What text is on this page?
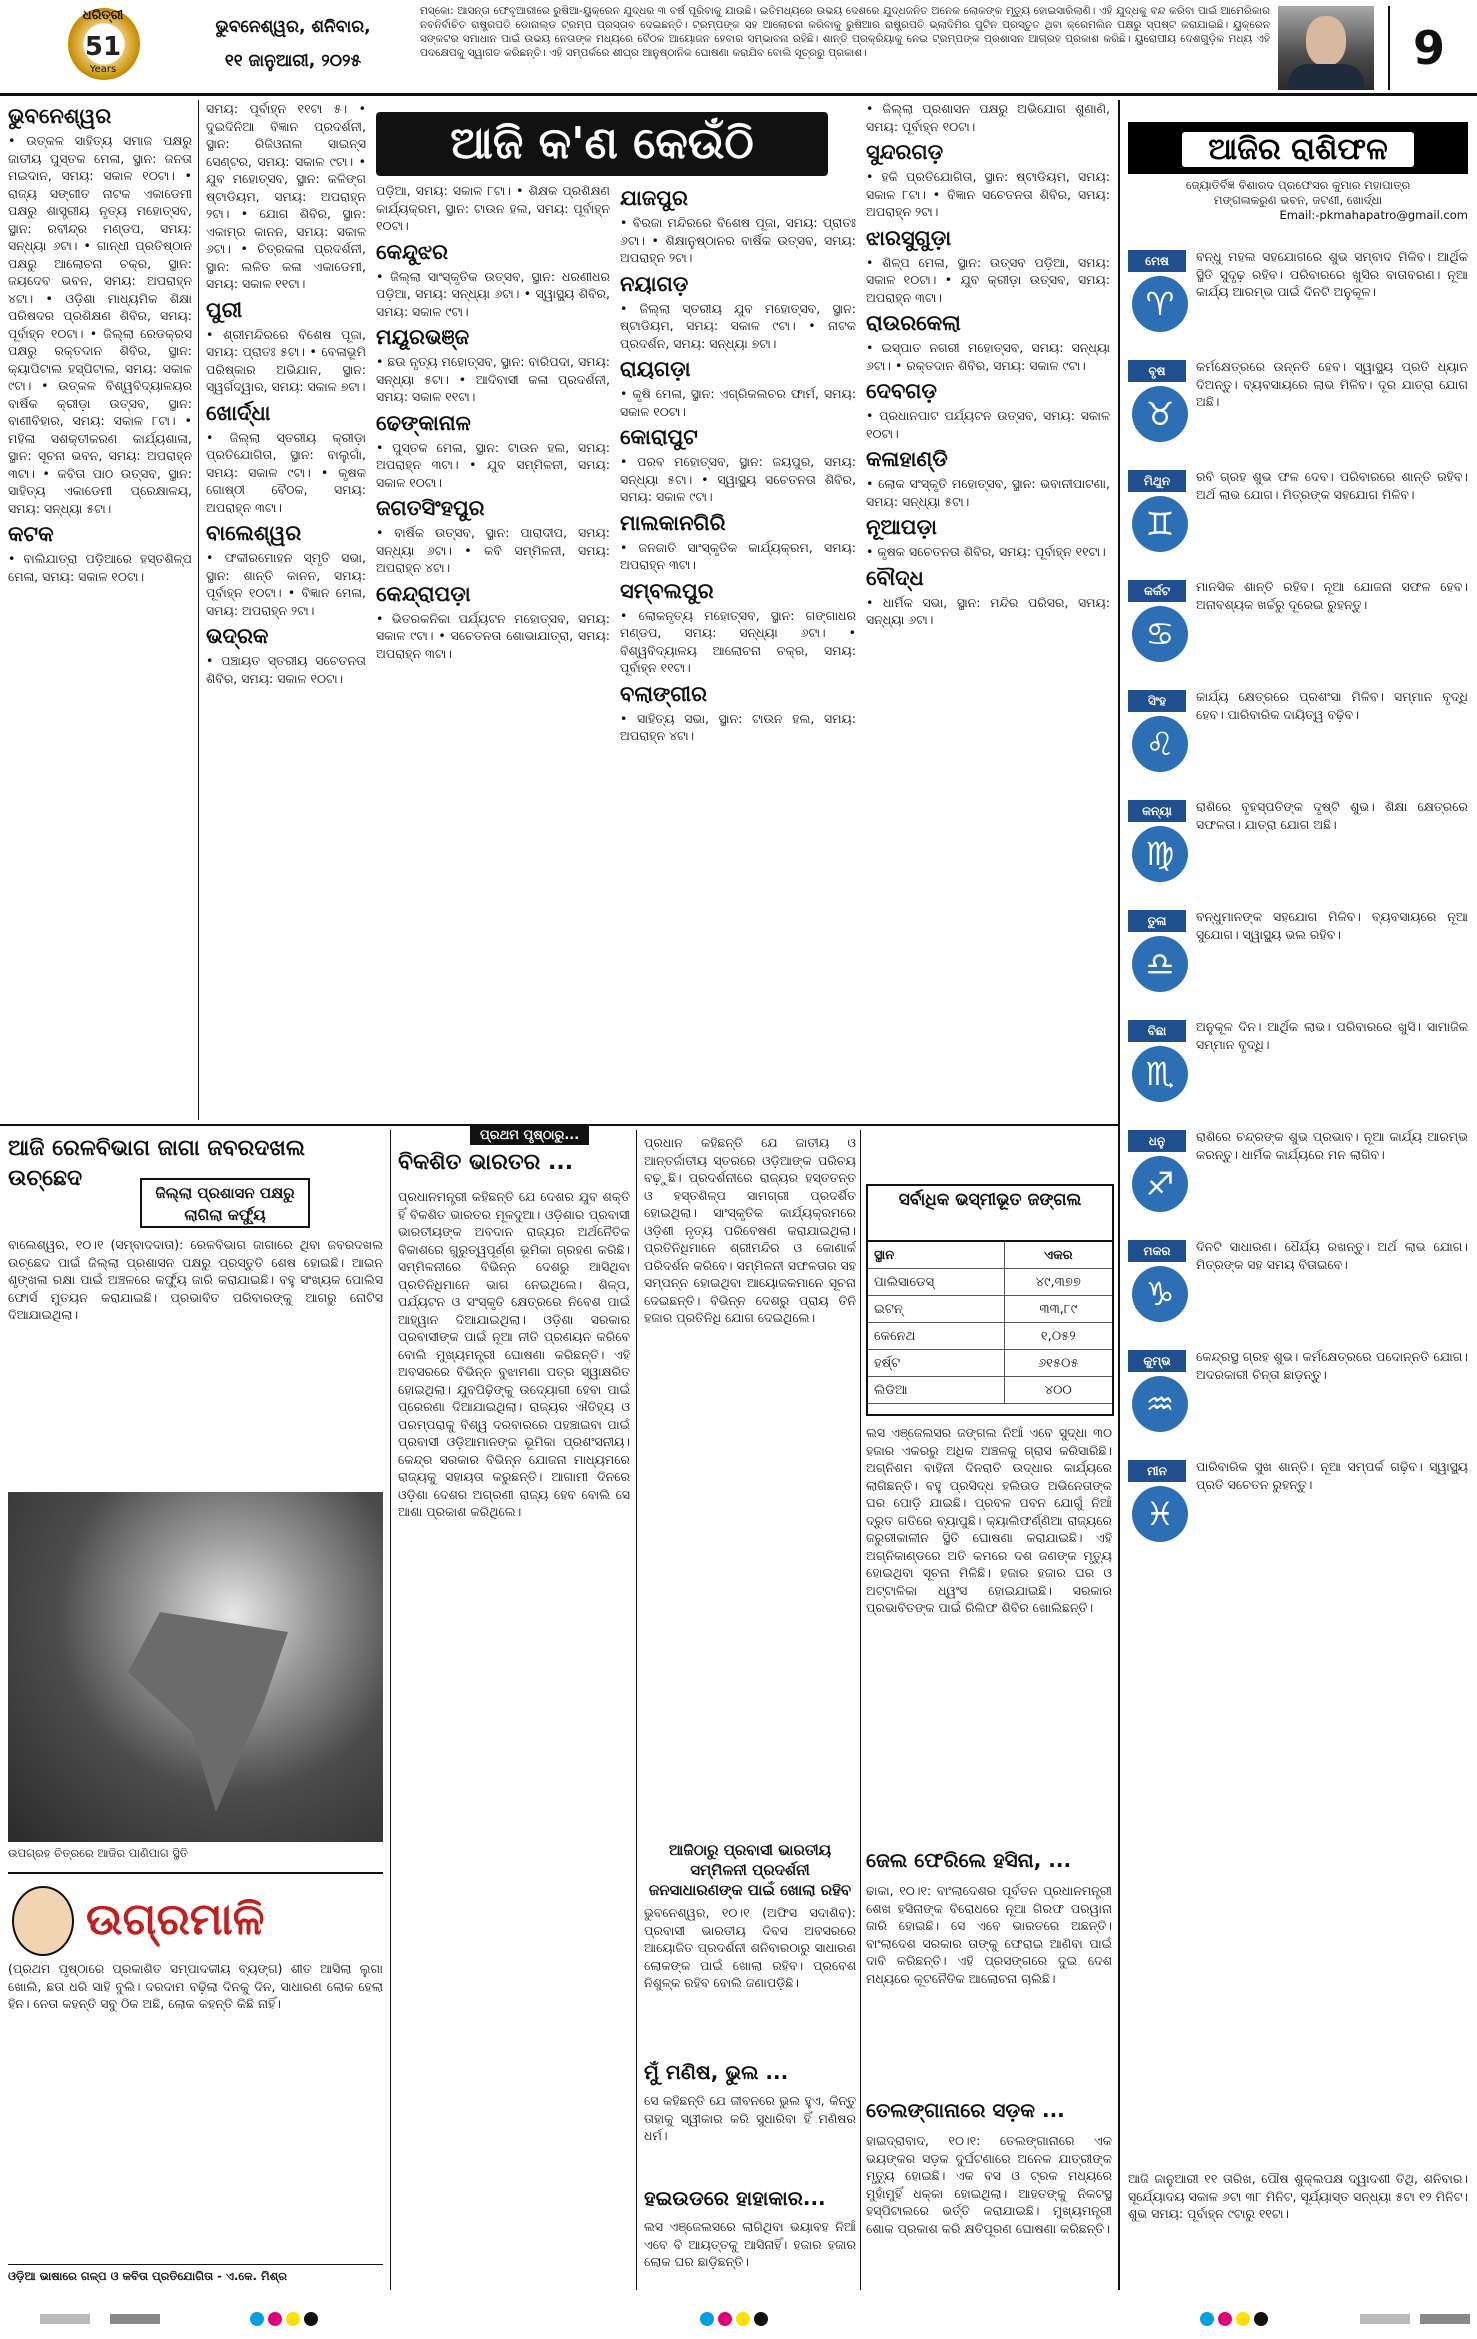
ଧରିତ୍ରୀ
51
Years
ଭୁବନେଶ୍ୱର, ଶନିବାର,
୧୧ ଜାନୁଆରୀ, ୨୦୨୫
ମସ୍କୋ: ଆସନ୍ତା ଫେବୃଆରୀରେ ରୁଷିଆ-ୟୁକ୍ରେନ ଯୁଦ୍ଧର ୩ ବର୍ଷ ପୂରିବାକୁ ଯାଉଛି। ଇତିମଧ୍ୟରେ ଉଭୟ ଦେଶରେ ଯୁଦ୍ଧଜନିତ ଅନେକ ଲୋକଙ୍କ ମୃତ୍ୟୁ ହୋଇସାରିଲାଣି। ଏହି ଯୁଦ୍ଧକୁ ବନ୍ଦ କରିବା ପାଇଁ ଆମେରିକାର ନବନିର୍ବାଚିତ ରାଷ୍ଟ୍ରପତି ଡୋନାଲ୍ଡ ଟ୍ରମ୍ପ ପ୍ରସ୍ତାବ ଦେଇଛନ୍ତି। ଟ୍ରମ୍ପଙ୍କ ସହ ଆଲୋଚନା କରିବାକୁ ରୁଷିଆର ରାଷ୍ଟ୍ରପତି ଭ୍ଲାଦିମିର ପୁଟିନ ପ୍ରସ୍ତୁତ ଥିବା କ୍ରେମଲିନ ପକ୍ଷରୁ ସ୍ପଷ୍ଟ କରାଯାଇଛି। ୟୁକ୍ରେନ ସଙ୍କଟର ସମାଧାନ ପାଇଁ ଉଭୟ ନେତାଙ୍କ ମଧ୍ୟରେ ବୈଠକ ଆୟୋଜନ ହେବାର ସମ୍ଭାବନା ରହିଛି। ଶାନ୍ତି ପ୍ରକ୍ରିୟାକୁ ନେଇ ଟ୍ରମ୍ପଙ୍କ ପ୍ରଶାସନ ଆଗ୍ରହ ପ୍ରକାଶ କରିଛି। ୟୁରୋପୀୟ ଦେଶଗୁଡ଼ିକ ମଧ୍ୟ ଏହି ପଦକ୍ଷେପକୁ ସ୍ୱାଗତ କରିଛନ୍ତି। ଏହି ସମ୍ପର୍କରେ ଶୀଘ୍ର ଆନୁଷ୍ଠାନିକ ଘୋଷଣା କରାଯିବ ବୋଲି ସୂତ୍ରରୁ ପ୍ରକାଶ।	9
ଭୁବନେଶ୍ୱର

• ଉତ୍କଳ ସାହିତ୍ୟ ସମାଜ ପକ୍ଷରୁ ଜାତୀୟ ପୁସ୍ତକ ମେଳା, ସ୍ଥାନ: ଜନତା ମଇଦାନ, ସମୟ: ସକାଳ ୧୦ଟା। • ରାଜ୍ୟ ସଙ୍ଗୀତ ନାଟକ ଏକାଡେମୀ ପକ୍ଷରୁ ଶାସ୍ତ୍ରୀୟ ନୃତ୍ୟ ମହୋତ୍ସବ, ସ୍ଥାନ: ରବୀନ୍ଦ୍ର ମଣ୍ଡପ, ସମୟ: ସନ୍ଧ୍ୟା ୬ଟା। • ଗାନ୍ଧୀ ପ୍ରତିଷ୍ଠାନ ପକ୍ଷରୁ ଆଲୋଚନା ଚକ୍ର, ସ୍ଥାନ: ଜୟଦେବ ଭବନ, ସମୟ: ଅପରାହ୍ନ ୪ଟା। • ଓଡ଼ିଶା ମାଧ୍ୟମିକ ଶିକ୍ଷା ପରିଷଦର ପ୍ରଶିକ୍ଷଣ ଶିବିର, ସମୟ: ପୂର୍ବାହ୍ନ ୧୦ଟା। • ଜିଲ୍ଲା ରେଡକ୍ରସ ପକ୍ଷରୁ ରକ୍ତଦାନ ଶିବିର, ସ୍ଥାନ: କ୍ୟାପିଟାଲ ହସ୍ପିଟାଲ, ସମୟ: ସକାଳ ୯ଟା। • ଉତ୍କଳ ବିଶ୍ୱବିଦ୍ୟାଳୟର ବାର୍ଷିକ କ୍ରୀଡ଼ା ଉତ୍ସବ, ସ୍ଥାନ: ବାଣୀବିହାର, ସମୟ: ସକାଳ ୮ଟା। • ମହିଳା ସଶକ୍ତୀକରଣ କାର୍ଯ୍ୟଶାଳା, ସ୍ଥାନ: ସୂଚନା ଭବନ, ସମୟ: ଅପରାହ୍ନ ୩ଟା। • କବିତା ପାଠ ଉତ୍ସବ, ସ୍ଥାନ: ସାହିତ୍ୟ ଏକାଡେମୀ ପ୍ରେକ୍ଷାଳୟ, ସମୟ: ସନ୍ଧ୍ୟା ୫ଟା।

କଟକ

• ବାଲିଯାତ୍ରା ପଡ଼ିଆରେ ହସ୍ତଶିଳ୍ପ ମେଳା, ସମୟ: ସକାଳ ୧୦ଟା।

ସମୟ: ପୂର୍ବାହ୍ନ ୧୧ଟା ୫। • ଦୁଇଦିନିଆ ବିଜ୍ଞାନ ପ୍ରଦର୍ଶନୀ, ସ୍ଥାନ: ରିଜିଓନାଲ ସାଇନ୍ସ ସେଣ୍ଟର, ସମୟ: ସକାଳ ୯ଟା। • ଯୁବ ମହୋତ୍ସବ, ସ୍ଥାନ: କଳିଙ୍ଗ ଷ୍ଟାଡିୟମ, ସମୟ: ଅପରାହ୍ନ ୨ଟା। • ଯୋଗ ଶିବିର, ସ୍ଥାନ: ଏକାମ୍ର କାନନ, ସମୟ: ସକାଳ ୬ଟା। • ଚିତ୍ରକଳା ପ୍ରଦର୍ଶନୀ, ସ୍ଥାନ: ଲଳିତ କଳା ଏକାଡେମୀ, ସମୟ: ସକାଳ ୧୧ଟା।

ପୁରୀ

• ଶ୍ରୀମନ୍ଦିରରେ ବିଶେଷ ପୂଜା, ସମୟ: ପ୍ରାତଃ ୫ଟା। • ବେଳାଭୂମି ପରିଷ୍କାର ଅଭିଯାନ, ସ୍ଥାନ: ସ୍ୱର୍ଗଦ୍ୱାର, ସମୟ: ସକାଳ ୭ଟା।

ଖୋର୍ଦ୍ଧା

• ଜିଲ୍ଲା ସ୍ତରୀୟ କ୍ରୀଡ଼ା ପ୍ରତିଯୋଗିତା, ସ୍ଥାନ: ବାଲୁଗାଁ, ସମୟ: ସକାଳ ୯ଟା। • କୃଷକ ଗୋଷ୍ଠୀ ବୈଠକ, ସମୟ: ଅପରାହ୍ନ ୩ଟା।

ବାଲେଶ୍ୱର

• ଫକୀରମୋହନ ସ୍ମୃତି ସଭା, ସ୍ଥାନ: ଶାନ୍ତି କାନନ, ସମୟ: ପୂର୍ବାହ୍ନ ୧୦ଟା। • ବିଜ୍ଞାନ ମେଳା, ସମୟ: ଅପରାହ୍ନ ୨ଟା।

ଭଦ୍ରକ

• ପଞ୍ଚାୟତ ସ୍ତରୀୟ ସଚେତନତା ଶିବିର, ସମୟ: ସକାଳ ୧୦ଟା।

ଆଜି କ'ଣ କେଉଁଠି

ପଡ଼ିଆ, ସମୟ: ସକାଳ ୮ଟା। • ଶିକ୍ଷକ ପ୍ରଶିକ୍ଷଣ କାର୍ଯ୍ୟକ୍ରମ, ସ୍ଥାନ: ଟାଉନ ହଲ, ସମୟ: ପୂର୍ବାହ୍ନ ୧୦ଟା।

କେନ୍ଦୁଝର

• ଜିଲ୍ଲା ସାଂସ୍କୃତିକ ଉତ୍ସବ, ସ୍ଥାନ: ଧରଣୀଧର ପଡ଼ିଆ, ସମୟ: ସନ୍ଧ୍ୟା ୬ଟା। • ସ୍ୱାସ୍ଥ୍ୟ ଶିବିର, ସମୟ: ସକାଳ ୯ଟା।

ମୟୂରଭଞ୍ଜ

• ଛଉ ନୃତ୍ୟ ମହୋତ୍ସବ, ସ୍ଥାନ: ବାରିପଦା, ସମୟ: ସନ୍ଧ୍ୟା ୫ଟା। • ଆଦିବାସୀ କଳା ପ୍ରଦର୍ଶନୀ, ସମୟ: ସକାଳ ୧୧ଟା।

ଢେଙ୍କାନାଳ

• ପୁସ୍ତକ ମେଳା, ସ୍ଥାନ: ଟାଉନ ହଲ, ସମୟ: ଅପରାହ୍ନ ୩ଟା। • ଯୁବ ସମ୍ମିଳନୀ, ସମୟ: ସକାଳ ୧୦ଟା।

ଜଗତସିଂହପୁର

• ବାର୍ଷିକ ଉତ୍ସବ, ସ୍ଥାନ: ପାରାଦୀପ, ସମୟ: ସନ୍ଧ୍ୟା ୬ଟା। • କବି ସମ୍ମିଳନୀ, ସମୟ: ଅପରାହ୍ନ ୪ଟା।

କେନ୍ଦ୍ରାପଡ଼ା

• ଭିତରକନିକା ପର୍ଯ୍ୟଟନ ମହୋତ୍ସବ, ସମୟ: ସକାଳ ୯ଟା। • ସଚେତନତା ଶୋଭାଯାତ୍ରା, ସମୟ: ଅପରାହ୍ନ ୩ଟା।

ଯାଜପୁର

• ବିରଜା ମନ୍ଦିରରେ ବିଶେଷ ପୂଜା, ସମୟ: ପ୍ରାତଃ ୬ଟା। • ଶିକ୍ଷାନୁଷ୍ଠାନର ବାର୍ଷିକ ଉତ୍ସବ, ସମୟ: ଅପରାହ୍ନ ୨ଟା।

ନୟାଗଡ଼

• ଜିଲ୍ଲା ସ୍ତରୀୟ ଯୁବ ମହୋତ୍ସବ, ସ୍ଥାନ: ଷ୍ଟାଡିୟମ, ସମୟ: ସକାଳ ୯ଟା। • ନାଟକ ପ୍ରଦର୍ଶନ, ସମୟ: ସନ୍ଧ୍ୟା ୭ଟା।

ରାୟଗଡ଼ା

• କୃଷି ମେଳା, ସ୍ଥାନ: ଏଗ୍ରିକଲଚର ଫାର୍ମ, ସମୟ: ସକାଳ ୧୦ଟା।

କୋରାପୁଟ

• ପରବ ମହୋତ୍ସବ, ସ୍ଥାନ: ଜୟପୁର, ସମୟ: ସନ୍ଧ୍ୟା ୫ଟା। • ସ୍ୱାସ୍ଥ୍ୟ ସଚେତନତା ଶିବିର, ସମୟ: ସକାଳ ୯ଟା।

ମାଲକାନଗିରି

• ଜନଜାତି ସାଂସ୍କୃତିକ କାର୍ଯ୍ୟକ୍ରମ, ସମୟ: ଅପରାହ୍ନ ୩ଟା।

ସମ୍ବଲପୁର

• ଲୋକନୃତ୍ୟ ମହୋତ୍ସବ, ସ୍ଥାନ: ଗଙ୍ଗାଧର ମଣ୍ଡପ, ସମୟ: ସନ୍ଧ୍ୟା ୬ଟା। • ବିଶ୍ୱବିଦ୍ୟାଳୟ ଆଲୋଚନା ଚକ୍ର, ସମୟ: ପୂର୍ବାହ୍ନ ୧୧ଟା।

ବଲାଙ୍ଗୀର

• ସାହିତ୍ୟ ସଭା, ସ୍ଥାନ: ଟାଉନ ହଲ, ସମୟ: ଅପରାହ୍ନ ୪ଟା।

• ଜିଲ୍ଲା ପ୍ରଶାସନ ପକ୍ଷରୁ ଅଭିଯୋଗ ଶୁଣାଣି, ସମୟ: ପୂର୍ବାହ୍ନ ୧୦ଟା।

ସୁନ୍ଦରଗଡ଼

• ହକି ପ୍ରତିଯୋଗିତା, ସ୍ଥାନ: ଷ୍ଟାଡିୟମ, ସମୟ: ସକାଳ ୮ଟା। • ବିଜ୍ଞାନ ସଚେତନତା ଶିବିର, ସମୟ: ଅପରାହ୍ନ ୨ଟା।

ଝାରସୁଗୁଡ଼ା

• ଶିଳ୍ପ ମେଳା, ସ୍ଥାନ: ଉତ୍ସବ ପଡ଼ିଆ, ସମୟ: ସକାଳ ୧୦ଟା। • ଯୁବ କ୍ରୀଡ଼ା ଉତ୍ସବ, ସମୟ: ଅପରାହ୍ନ ୩ଟା।

ରାଉରକେଲା

• ଇସ୍ପାତ ନଗରୀ ମହୋତ୍ସବ, ସମୟ: ସନ୍ଧ୍ୟା ୬ଟା। • ରକ୍ତଦାନ ଶିବିର, ସମୟ: ସକାଳ ୯ଟା।

ଦେବଗଡ଼

• ପ୍ରଧାନପାଟ ପର୍ଯ୍ୟଟନ ଉତ୍ସବ, ସମୟ: ସକାଳ ୧୦ଟା।

କଳାହାଣ୍ଡି

• ଲୋକ ସଂସ୍କୃତି ମହୋତ୍ସବ, ସ୍ଥାନ: ଭବାନୀପାଟଣା, ସମୟ: ସନ୍ଧ୍ୟା ୫ଟା।

ନୂଆପଡ଼ା

• କୃଷକ ସଚେତନତା ଶିବିର, ସମୟ: ପୂର୍ବାହ୍ନ ୧୧ଟା।

ବୌଦ୍ଧ

• ଧାର୍ମିକ ସଭା, ସ୍ଥାନ: ମନ୍ଦିର ପରିସର, ସମୟ: ସନ୍ଧ୍ୟା ୬ଟା।

ଆଜିର ରାଶିଫଳ
ଜ୍ୟୋତିର୍ବିଜ୍ଞ ବିଶାରଦ ପ୍ରଫେସର କୁମାର ମହାପାତ୍ର
ମଙ୍ଗଳାକରୁଣ ଭବନ, ଜଟଣୀ, ଖୋର୍ଦ୍ଧା
Email:-pkmahapatro@gmail.com
ମେଷ
♈
ବନ୍ଧୁ ମହଲ ସହଯୋଗରେ ଶୁଭ ସମ୍ବାଦ ମିଳିବ। ଆର୍ଥିକ ସ୍ଥିତି ସୁଦୃଢ଼ ରହିବ। ପରିବାରରେ ଖୁସିର ବାତାବରଣ। ନୂଆ କାର୍ଯ୍ୟ ଆରମ୍ଭ ପାଇଁ ଦିନଟି ଅନୁକୂଳ।
ବୃଷ
♉
କର୍ମକ୍ଷେତ୍ରରେ ଉନ୍ନତି ହେବ। ସ୍ୱାସ୍ଥ୍ୟ ପ୍ରତି ଧ୍ୟାନ ଦିଅନ୍ତୁ। ବ୍ୟବସାୟରେ ଲାଭ ମିଳିବ। ଦୂର ଯାତ୍ରା ଯୋଗ ଅଛି।
ମିଥୁନ
♊
ରବି ଗ୍ରହ ଶୁଭ ଫଳ ଦେବ। ପରିବାରରେ ଶାନ୍ତି ରହିବ। ଅର୍ଥ ଲାଭ ଯୋଗ। ମିତ୍ରଙ୍କ ସହଯୋଗ ମିଳିବ।
କର୍କଟ
♋
ମାନସିକ ଶାନ୍ତି ରହିବ। ନୂଆ ଯୋଜନା ସଫଳ ହେବ। ଅନାବଶ୍ୟକ ଖର୍ଚ୍ଚରୁ ଦୂରେଇ ରୁହନ୍ତୁ।
ସିଂହ
♌
କାର୍ଯ୍ୟ କ୍ଷେତ୍ରରେ ପ୍ରଶଂସା ମିଳିବ। ସମ୍ମାନ ବୃଦ୍ଧି ହେବ। ପାରିବାରିକ ଦାୟିତ୍ୱ ବଢ଼ିବ।
କନ୍ୟା
♍
ରାଶିରେ ବୃହସ୍ପତିଙ୍କ ଦୃଷ୍ଟି ଶୁଭ। ଶିକ୍ଷା କ୍ଷେତ୍ରରେ ସଫଳତା। ଯାତ୍ରା ଯୋଗ ଅଛି।
ତୁଳା
♎
ବନ୍ଧୁମାନଙ୍କ ସହଯୋଗ ମିଳିବ। ବ୍ୟବସାୟରେ ନୂଆ ସୁଯୋଗ। ସ୍ୱାସ୍ଥ୍ୟ ଭଲ ରହିବ।
ବିଛା
♏
ଅନୁକୂଳ ଦିନ। ଆର୍ଥିକ ଲାଭ। ପରିବାରରେ ଖୁସି। ସାମାଜିକ ସମ୍ମାନ ବୃଦ୍ଧି।
ଧନୁ
♐
ରାଶିରେ ଚନ୍ଦ୍ରଙ୍କ ଶୁଭ ପ୍ରଭାବ। ନୂଆ କାର୍ଯ୍ୟ ଆରମ୍ଭ କରନ୍ତୁ। ଧାର୍ମିକ କାର୍ଯ୍ୟରେ ମନ ଲାଗିବ।
ମକର
♑
ଦିନଟି ସାଧାରଣ। ଧୈର୍ଯ୍ୟ ରଖନ୍ତୁ। ଅର୍ଥ ଲାଭ ଯୋଗ। ମିତ୍ରଙ୍କ ସହ ସମୟ ବିତାଇବେ।
କୁମ୍ଭ
♒
କେନ୍ଦ୍ରସ୍ଥ ଗ୍ରହ ଶୁଭ। କର୍ମକ୍ଷେତ୍ରରେ ପଦୋନ୍ନତି ଯୋଗ। ଅଦରକାରୀ ଚିନ୍ତା ଛାଡ଼ନ୍ତୁ।
ମୀନ
♓
ପାରିବାରିକ ସୁଖ ଶାନ୍ତି। ନୂଆ ସମ୍ପର୍କ ଗଢ଼ିବ। ସ୍ୱାସ୍ଥ୍ୟ ପ୍ରତି ସଚେତନ ରୁହନ୍ତୁ।
ଆଜି ଜାନୁଆରୀ ୧୧ ତାରିଖ, ପୌଷ ଶୁକ୍ଲପକ୍ଷ ଦ୍ୱାଦଶୀ ତିଥି, ଶନିବାର। ସୂର୍ଯ୍ୟୋଦୟ ସକାଳ ୬ଟା ୩୮ ମିନିଟ, ସୂର୍ଯ୍ୟାସ୍ତ ସନ୍ଧ୍ୟା ୫ଟା ୧୨ ମିନିଟ। ଶୁଭ ସମୟ: ପୂର୍ବାହ୍ନ ୯ଟାରୁ ୧୧ଟା।
ଆଜି ରେଳବିଭାଗ ଜାଗା ଜବରଦଖଲ ଉଚ୍ଛେଦ
ଜିଲ୍ଲା ପ୍ରଶାସନ ପକ୍ଷରୁ ଲାଗିଲା କର୍ଫ୍ୟୁ
ବାଲେଶ୍ୱର, ୧୦।୧ (ସମ୍ବାଦଦାତା): ରେଳବିଭାଗ ଜାଗାରେ ଥିବା ଜବରଦଖଲ ଉଚ୍ଛେଦ ପାଇଁ ଜିଲ୍ଲା ପ୍ରଶାସନ ପକ୍ଷରୁ ପ୍ରସ୍ତୁତି ଶେଷ ହୋଇଛି। ଆଇନ ଶୃଙ୍ଖଳା ରକ୍ଷା ପାଇଁ ଅଞ୍ଚଳରେ କର୍ଫ୍ୟୁ ଜାରି କରାଯାଇଛି। ବହୁ ସଂଖ୍ୟକ ପୋଲିସ ଫୋର୍ସ ମୁତୟନ କରାଯାଇଛି। ପ୍ରଭାବିତ ପରିବାରଙ୍କୁ ଆଗରୁ ନୋଟିସ ଦିଆଯାଇଥିଲା।
ଉପଗ୍ରହ ଚିତ୍ରରେ ଆଜିର ପାଣିପାଗ ସ୍ଥିତି
ଉଗ୍ରମାଳି
(ପ୍ରଥମ ପୃଷ୍ଠାରେ ପ୍ରକାଶିତ ସମ୍ପାଦକୀୟ ବ୍ୟଙ୍ଗ) ଶୀତ ଆସିଲା ଲୁଗା ଖୋଲି, ଛତା ଧରି ସାହି ବୁଲି। ଦରଦାମ ବଢ଼ିଲା ଦିନକୁ ଦିନ, ସାଧାରଣ ଲୋକ ହେଲା ହିନ। ନେତା କହନ୍ତି ସବୁ ଠିକ ଅଛି, ଲୋକ କହନ୍ତି କିଛି ନାହିଁ।
ଓଡ଼ିଆ ଭାଷାରେ ଗଳ୍ପ ଓ କବିତା ପ୍ରତିଯୋଗିତା - ଏ.କେ. ମିଶ୍ର
ପ୍ରଥମ ପୃଷ୍ଠାରୁ...
ବିକଶିତ ଭାରତର ...
ପ୍ରଧାନମନ୍ତ୍ରୀ କହିଛନ୍ତି ଯେ ଦେଶର ଯୁବ ଶକ୍ତି ହିଁ ବିକଶିତ ଭାରତର ମୂଳଦୁଆ। ଓଡ଼ିଶାର ପ୍ରବାସୀ ଭାରତୀୟଙ୍କ ଅବଦାନ ରାଜ୍ୟର ଅର୍ଥନୈତିକ ବିକାଶରେ ଗୁରୁତ୍ୱପୂର୍ଣ୍ଣ ଭୂମିକା ଗ୍ରହଣ କରିଛି। ସମ୍ମିଳନୀରେ ବିଭିନ୍ନ ଦେଶରୁ ଆସିଥିବା ପ୍ରତିନିଧିମାନେ ଭାଗ ନେଇଥିଲେ। ଶିଳ୍ପ, ପର୍ଯ୍ୟଟନ ଓ ସଂସ୍କୃତି କ୍ଷେତ୍ରରେ ନିବେଶ ପାଇଁ ଆହ୍ୱାନ ଦିଆଯାଇଥିଲା। ଓଡ଼ିଶା ସରକାର ପ୍ରବାସୀଙ୍କ ପାଇଁ ନୂଆ ନୀତି ପ୍ରଣୟନ କରିବେ ବୋଲି ମୁଖ୍ୟମନ୍ତ୍ରୀ ଘୋଷଣା କରିଛନ୍ତି। ଏହି ଅବସରରେ ବିଭିନ୍ନ ବୁଝାମଣା ପତ୍ର ସ୍ୱାକ୍ଷରିତ ହୋଇଥିଲା। ଯୁବପିଢ଼ିଙ୍କୁ ଉଦ୍ୟୋଗୀ ହେବା ପାଇଁ ପ୍ରେରଣା ଦିଆଯାଇଥିଲା। ରାଜ୍ୟର ଐତିହ୍ୟ ଓ ପରମ୍ପରାକୁ ବିଶ୍ୱ ଦରବାରରେ ପହଞ୍ଚାଇବା ପାଇଁ ପ୍ରବାସୀ ଓଡ଼ିଆମାନଙ୍କ ଭୂମିକା ପ୍ରଶଂସନୀୟ। କେନ୍ଦ୍ର ସରକାର ବିଭିନ୍ନ ଯୋଜନା ମାଧ୍ୟମରେ ରାଜ୍ୟକୁ ସହାୟତା କରୁଛନ୍ତି। ଆଗାମୀ ଦିନରେ ଓଡ଼ିଶା ଦେଶର ଅଗ୍ରଣୀ ରାଜ୍ୟ ହେବ ବୋଲି ସେ ଆଶା ପ୍ରକାଶ କରିଥିଲେ।
ପ୍ରଧାନ କହିଛନ୍ତି ଯେ ଜାତୀୟ ଓ ଆନ୍ତର୍ଜାତୀୟ ସ୍ତରରେ ଓଡ଼ିଆଙ୍କ ପରିଚୟ ବଢ଼ୁଛି। ପ୍ରଦର୍ଶନୀରେ ରାଜ୍ୟର ହସ୍ତତନ୍ତ ଓ ହସ୍ତଶିଳ୍ପ ସାମଗ୍ରୀ ପ୍ରଦର୍ଶିତ ହୋଇଥିଲା। ସାଂସ୍କୃତିକ କାର୍ଯ୍ୟକ୍ରମରେ ଓଡ଼ିଶୀ ନୃତ୍ୟ ପରିବେଷଣ କରାଯାଇଥିଲା। ପ୍ରତିନିଧିମାନେ ଶ୍ରୀମନ୍ଦିର ଓ କୋଣାର୍କ ପରିଦର୍ଶନ କରିବେ। ସମ୍ମିଳନୀ ସଫଳତାର ସହ ସମ୍ପନ୍ନ ହୋଇଥିବା ଆୟୋଜକମାନେ ସୂଚନା ଦେଇଛନ୍ତି। ବିଭିନ୍ନ ଦେଶରୁ ପ୍ରାୟ ତିନି ହଜାର ପ୍ରତିନିଧି ଯୋଗ ଦେଇଥିଲେ।
ଆଜିଠାରୁ ପ୍ରବାସୀ ଭାରତୀୟ ସମ୍ମିଳନୀ ପ୍ରଦର୍ଶନୀ ଜନସାଧାରଣଙ୍କ ପାଇଁ ଖୋଲା ରହିବ
ଭୁବନେଶ୍ୱର, ୧୦।୧ (ଅଫିସ ସଦାଶିବ): ପ୍ରବାସୀ ଭାରତୀୟ ଦିବସ ଅବସରରେ ଆୟୋଜିତ ପ୍ରଦର୍ଶନୀ ଶନିବାରଠାରୁ ସାଧାରଣ ଲୋକଙ୍କ ପାଇଁ ଖୋଲା ରହିବ। ପ୍ରବେଶ ନିଶୁଳ୍କ ରହିବ ବୋଲି ଜଣାପଡ଼ିଛି।
ମୁଁ ମଣିଷ, ଭୁଲ ...
ସେ କହିଛନ୍ତି ଯେ ଜୀବନରେ ଭୁଲ ହୁଏ, କିନ୍ତୁ ତାହାକୁ ସ୍ୱୀକାର କରି ସୁଧାରିବା ହିଁ ମଣିଷର ଧର୍ମ।
ହଇଉଡରେ ହାହାକାର...
ଲସ ଏଞ୍ଜେଲସରେ ଲାଗିଥିବା ଭୟାବହ ନିଆଁ ଏବେ ବି ଆୟତ୍ତକୁ ଆସିନାହିଁ। ହଜାର ହଜାର ଲୋକ ଘର ଛାଡ଼ିଛନ୍ତି।
ସର୍ବାଧିକ ଭସ୍ମୀଭୂତ ଜଙ୍ଗଲ
ସ୍ଥାନ	ଏକର
ପାଲିସାଡେସ୍	୪୯,୩୭୭
ଇଟନ୍	୩୩,୮୯
କେନେଥ	୧,୦୫୨
ହର୍ଷ୍ଟ	୬୧୫୦୫
ଲିଡିଆ	୪୦୦
ଲସ ଏଞ୍ଜେଲସର ଜଙ୍ଗଲ ନିଆଁ ଏବେ ସୁଦ୍ଧା ୩୦ ହଜାର ଏକରରୁ ଅଧିକ ଅଞ୍ଚଳକୁ ଗ୍ରାସ କରିସାରିଛି। ଅଗ୍ନିଶମ ବାହିନୀ ଦିନରାତି ଉଦ୍ଧାର କାର୍ଯ୍ୟରେ ଲାଗିଛନ୍ତି। ବହୁ ପ୍ରସିଦ୍ଧ ହଲିଉଡ ଅଭିନେତାଙ୍କ ଘର ପୋଡ଼ି ଯାଇଛି। ପ୍ରବଳ ପବନ ଯୋଗୁଁ ନିଆଁ ଦ୍ରୁତ ଗତିରେ ବ୍ୟାପୁଛି। କ୍ୟାଲିଫର୍ଣ୍ଣିଆ ରାଜ୍ୟରେ ଜରୁରୀକାଳୀନ ସ୍ଥିତି ଘୋଷଣା କରାଯାଇଛି। ଏହି ଅଗ୍ନିକାଣ୍ଡରେ ଅତି କମରେ ଦଶ ଜଣଙ୍କ ମୃତ୍ୟୁ ହୋଇଥିବା ସୂଚନା ମିଳିଛି। ହଜାର ହଜାର ଘର ଓ ଅଟ୍ଟାଳିକା ଧ୍ୱଂସ ହୋଇଯାଇଛି। ସରକାର ପ୍ରଭାବିତଙ୍କ ପାଇଁ ରିଲିଫ ଶିବିର ଖୋଲିଛନ୍ତି।
ଜେଲ ଫେରିଲେ ହସିନା, ...
ଢାକା, ୧୦।୧: ବାଂଲାଦେଶର ପୂର୍ବତନ ପ୍ରଧାନମନ୍ତ୍ରୀ ଶେଖ ହସିନାଙ୍କ ବିରୋଧରେ ନୂଆ ଗିରଫ ପରୱାନା ଜାରି ହୋଇଛି। ସେ ଏବେ ଭାରତରେ ଅଛନ୍ତି। ବାଂଲାଦେଶ ସରକାର ତାଙ୍କୁ ଫେରାଇ ଆଣିବା ପାଇଁ ଦାବି କରିଛନ୍ତି। ଏହି ପ୍ରସଙ୍ଗରେ ଦୁଇ ଦେଶ ମଧ୍ୟରେ କୂଟନୈତିକ ଆଲୋଚନା ଚାଲିଛି।
ତେଲଙ୍ଗାନାରେ ସଡ଼କ ...
ହାଇଦ୍ରାବାଦ, ୧୦।୧: ତେଲଙ୍ଗାନାରେ ଏକ ଭୟଙ୍କର ସଡ଼କ ଦୁର୍ଘଟଣାରେ ଅନେକ ଯାତ୍ରୀଙ୍କ ମୃତ୍ୟୁ ହୋଇଛି। ଏକ ବସ ଓ ଟ୍ରକ ମଧ୍ୟରେ ମୁହାଁମୁହିଁ ଧକ୍କା ହୋଇଥିଲା। ଆହତଙ୍କୁ ନିକଟସ୍ଥ ହସ୍ପିଟାଲରେ ଭର୍ତ୍ତି କରାଯାଇଛି। ମୁଖ୍ୟମନ୍ତ୍ରୀ ଶୋକ ପ୍ରକାଶ କରି କ୍ଷତିପୂରଣ ଘୋଷଣା କରିଛନ୍ତି।
